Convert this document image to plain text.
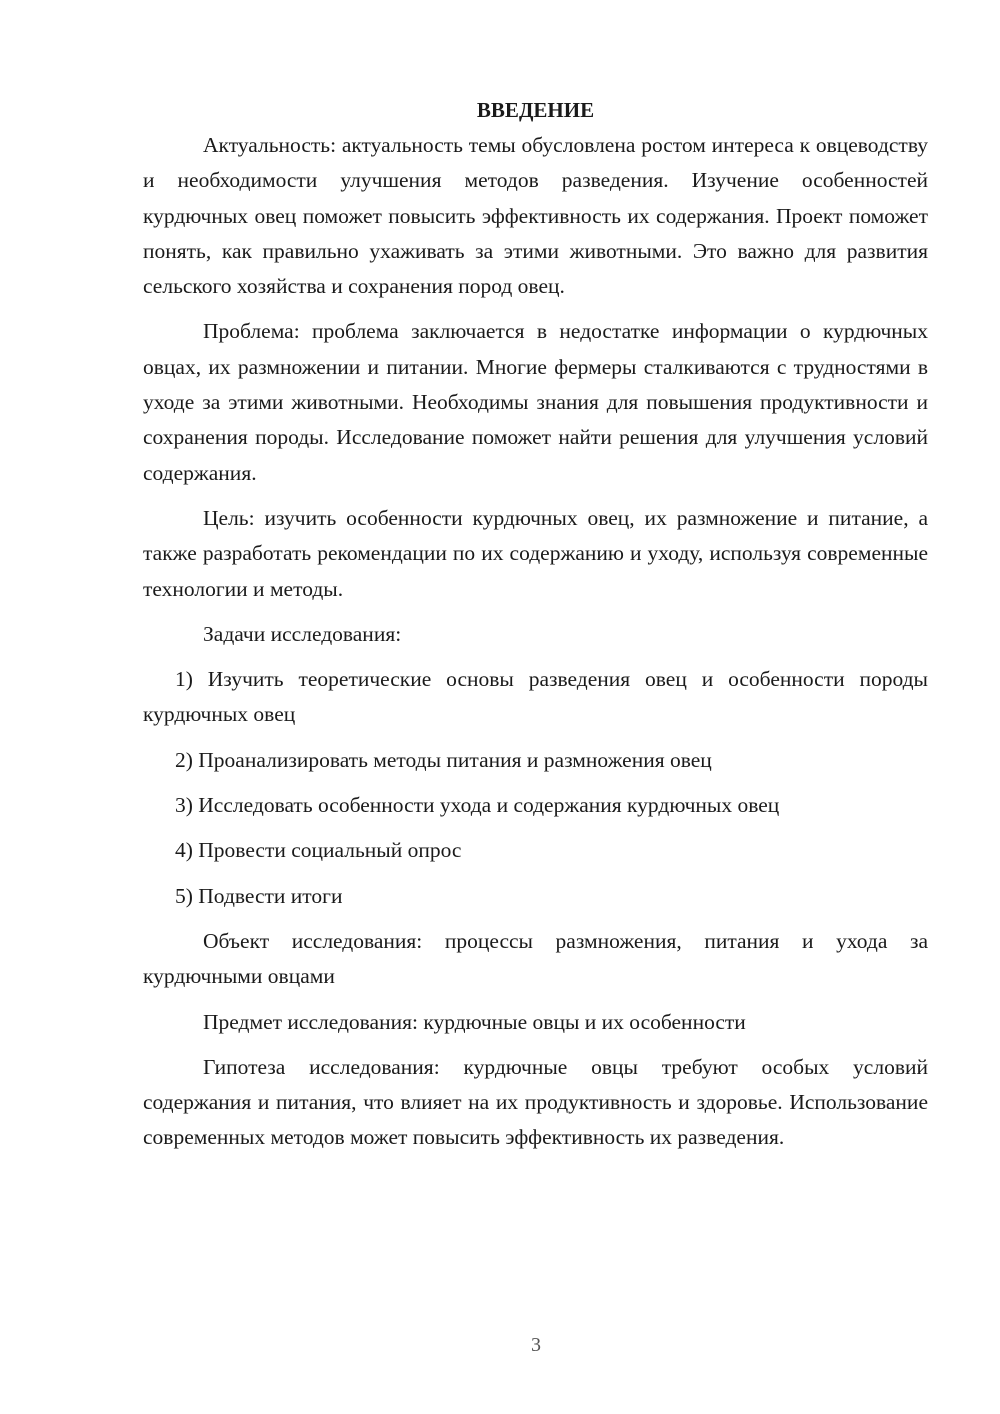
ВВЕДЕНИЕ

Актуальность: актуальность темы обусловлена ростом интереса к овцеводству и необходимости улучшения методов разведения. Изучение особенностей курдючных овец поможет повысить эффективность их содержания. Проект поможет понять, как правильно ухаживать за этими животными. Это важно для развития сельского хозяйства и сохранения пород овец.

Проблема: проблема заключается в недостатке информации о курдючных овцах, их размножении и питании. Многие фермеры сталкиваются с трудностями в уходе за этими животными. Необходимы знания для повышения продуктивности и сохранения породы. Исследование поможет найти решения для улучшения условий содержания.

Цель: изучить особенности курдючных овец, их размножение и питание, а также разработать рекомендации по их содержанию и уходу, используя современные технологии и методы.

Задачи исследования:

1) Изучить теоретические основы разведения овец и особенности породы курдючных овец

2) Проанализировать методы питания и размножения овец

3) Исследовать особенности ухода и содержания курдючных овец

4) Провести социальный опрос

5) Подвести итоги

Объект исследования: процессы размножения, питания и ухода за курдючными овцами

Предмет исследования: курдючные овцы и их особенности

Гипотеза исследования: курдючные овцы требуют особых условий содержания и питания, что влияет на их продуктивность и здоровье. Использование современных методов может повысить эффективность их разведения.

3
